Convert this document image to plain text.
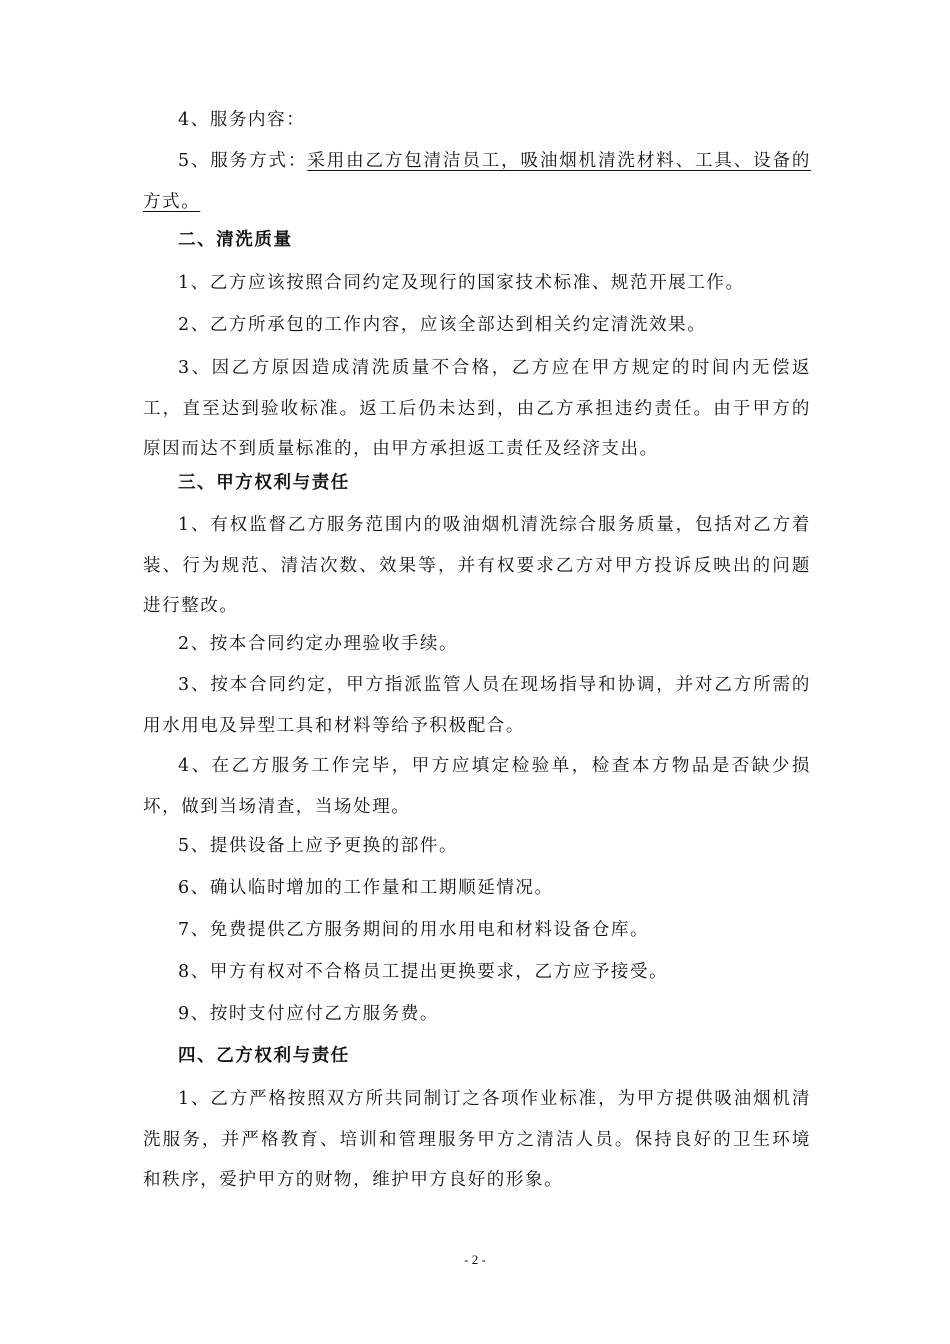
4、服务内容：

5、服务方式：采用由乙方包清洁员工，吸油烟机清洗材料、工具、设备的方式。

二、清洗质量

1、乙方应该按照合同约定及现行的国家技术标准、规范开展工作。

2、乙方所承包的工作内容，应该全部达到相关约定清洗效果。

3、因乙方原因造成清洗质量不合格，乙方应在甲方规定的时间内无偿返工，直至达到验收标准。返工后仍未达到，由乙方承担违约责任。由于甲方的原因而达不到质量标准的，由甲方承担返工责任及经济支出。

三、甲方权利与责任

1、有权监督乙方服务范围内的吸油烟机清洗综合服务质量，包括对乙方着装、行为规范、清洁次数、效果等，并有权要求乙方对甲方投诉反映出的问题进行整改。

2、按本合同约定办理验收手续。

3、按本合同约定，甲方指派监管人员在现场指导和协调，并对乙方所需的用水用电及异型工具和材料等给予积极配合。

4、在乙方服务工作完毕，甲方应填定检验单，检查本方物品是否缺少损坏，做到当场清查，当场处理。

5、提供设备上应予更换的部件。

6、确认临时增加的工作量和工期顺延情况。

7、免费提供乙方服务期间的用水用电和材料设备仓库。

8、甲方有权对不合格员工提出更换要求，乙方应予接受。

9、按时支付应付乙方服务费。

四、乙方权利与责任

1、乙方严格按照双方所共同制订之各项作业标准，为甲方提供吸油烟机清洗服务，并严格教育、培训和管理服务甲方之清洁人员。保持良好的卫生环境和秩序，爱护甲方的财物，维护甲方良好的形象。

- 2 -
